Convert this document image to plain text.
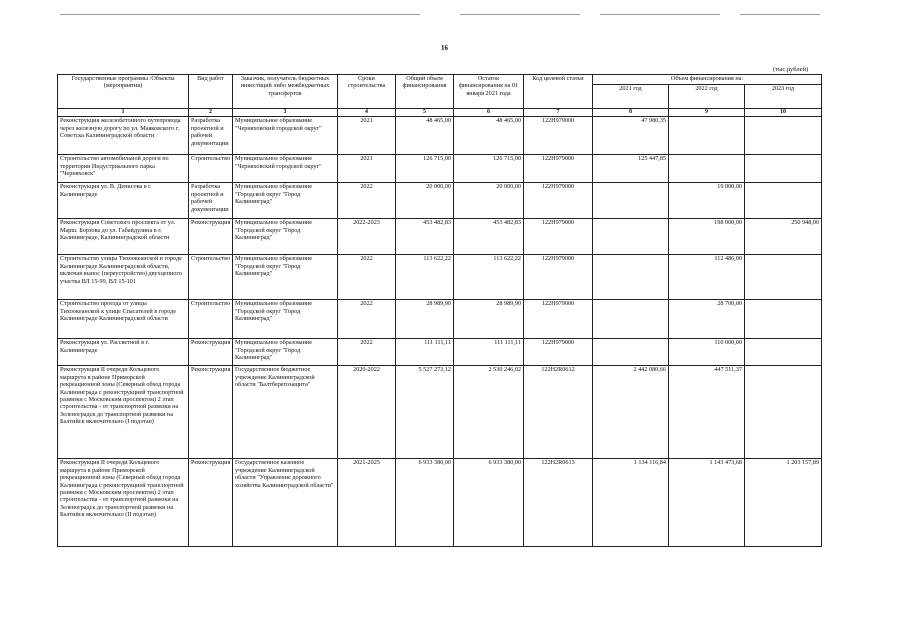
16
(тыс.рублей)
Государственные программы /Объекты (мероприятия)	Вид работ	Заказчик, получатель бюджетных инвестиций либо межбюджетных трансфертов	Сроки строительства	Общий объем финансирования	Остаток финансирования на 01 января 2021 года	Код целевой статьи	Объем финансирования на:		
							2021 год	2022 год	2023 год
1	2	3	4	5	6	7	8	9	10
Реконструкция железобетонного путепровода через железную дорогу по ул. Маяковского г. Советска Калининградской области	Разработка проектной и рабочей документации	Муниципальное образование "Черняховский городской округ"	2021	48 465,00	48 465,00	122Н979000	47 980,35		
Строительство автомобильной дороги по территории Индустриального парка "Черняховск"	Строительство	Муниципальное образование "Черняховский городской округ"	2021	126 715,00	126 715,00	122Н979000	125 447,85		
Реконструкция ул. В. Денисова в г. Калининграде	Разработка проектной и рабочей документации	Муниципальное образование "Городской округ "Город Калининград"	2022	20 000,00	20 000,00	122Н979000		19 800,00	
Реконструкция Советского проспекта от ул. Марш. Борзова до ул. Габайдулина в г. Калининграде, Калининградской области	Реконструкция	Муниципальное образование "Городской округ "Город Калининград"	2022-2023	453 482,83	453 482,83	122Н979000		198 000,00	250 948,00
Строительство улицы Тихоокеанской в городе Калининграде Калининградской области, включая вынос (переустройство) двухцепного участка ВЛ 15-99, ВЛ 15-101	Строительство	Муниципальное образование "Городской округ "Город Калининград"	2022	113 622,22	113 622,22	122Н979000		112 486,00	
Строительство проезда от улицы Тихоокеанской к улице Спасателей в городе Калининграде Калининградской области	Строительство	Муниципальное образование "Городской округ "Город Калининград"	2022	28 989,90	28 989,90	122Н979000		28 700,00	
Реконструкция ул. Рассветной в г. Калининграде	Реконструкция	Муниципальное образование "Городской округ "Город Калининград"	2022	111 111,11	111 111,11	122Н979000		110 000,00	
Реконструкция II очереди Кольцевого маршрута в районе Приморской рекреационной зоны (Северный обход города Калининграда с реконструкцией транспортной развязки с Московским проспектом) 2 этап строительства - от транспортной развязки на Зеленоградск до транспортной развязки на Балтийск включительно (I подэтап)	Реконструкция	Государственное бюджетное учреждение Калининградской области "Балтберегозащита"	2020-2022	5 527 273,12	2 530 246,02	122Н2R0612	2 442 080,66	447 511,37	
Реконструкция II очереди Кольцевого маршрута в районе Приморской рекреационной зоны (Северный обход города Калининграда с реконструкцией транспортной развязки с Московским проспектом) 2 этап строительства - от транспортной развязки на Зеленоградск до транспортной развязки на Балтийск включительно (II подэтап)	Реконструкция	Государственное казенное учреждение Калининградской области "Управление дорожного хозяйства Калининградской области"	2021-2025	6 933 380,00	6 933 380,00	122Н2R0613	1 134 116,84	1 143 473,68	1 203 157,89
